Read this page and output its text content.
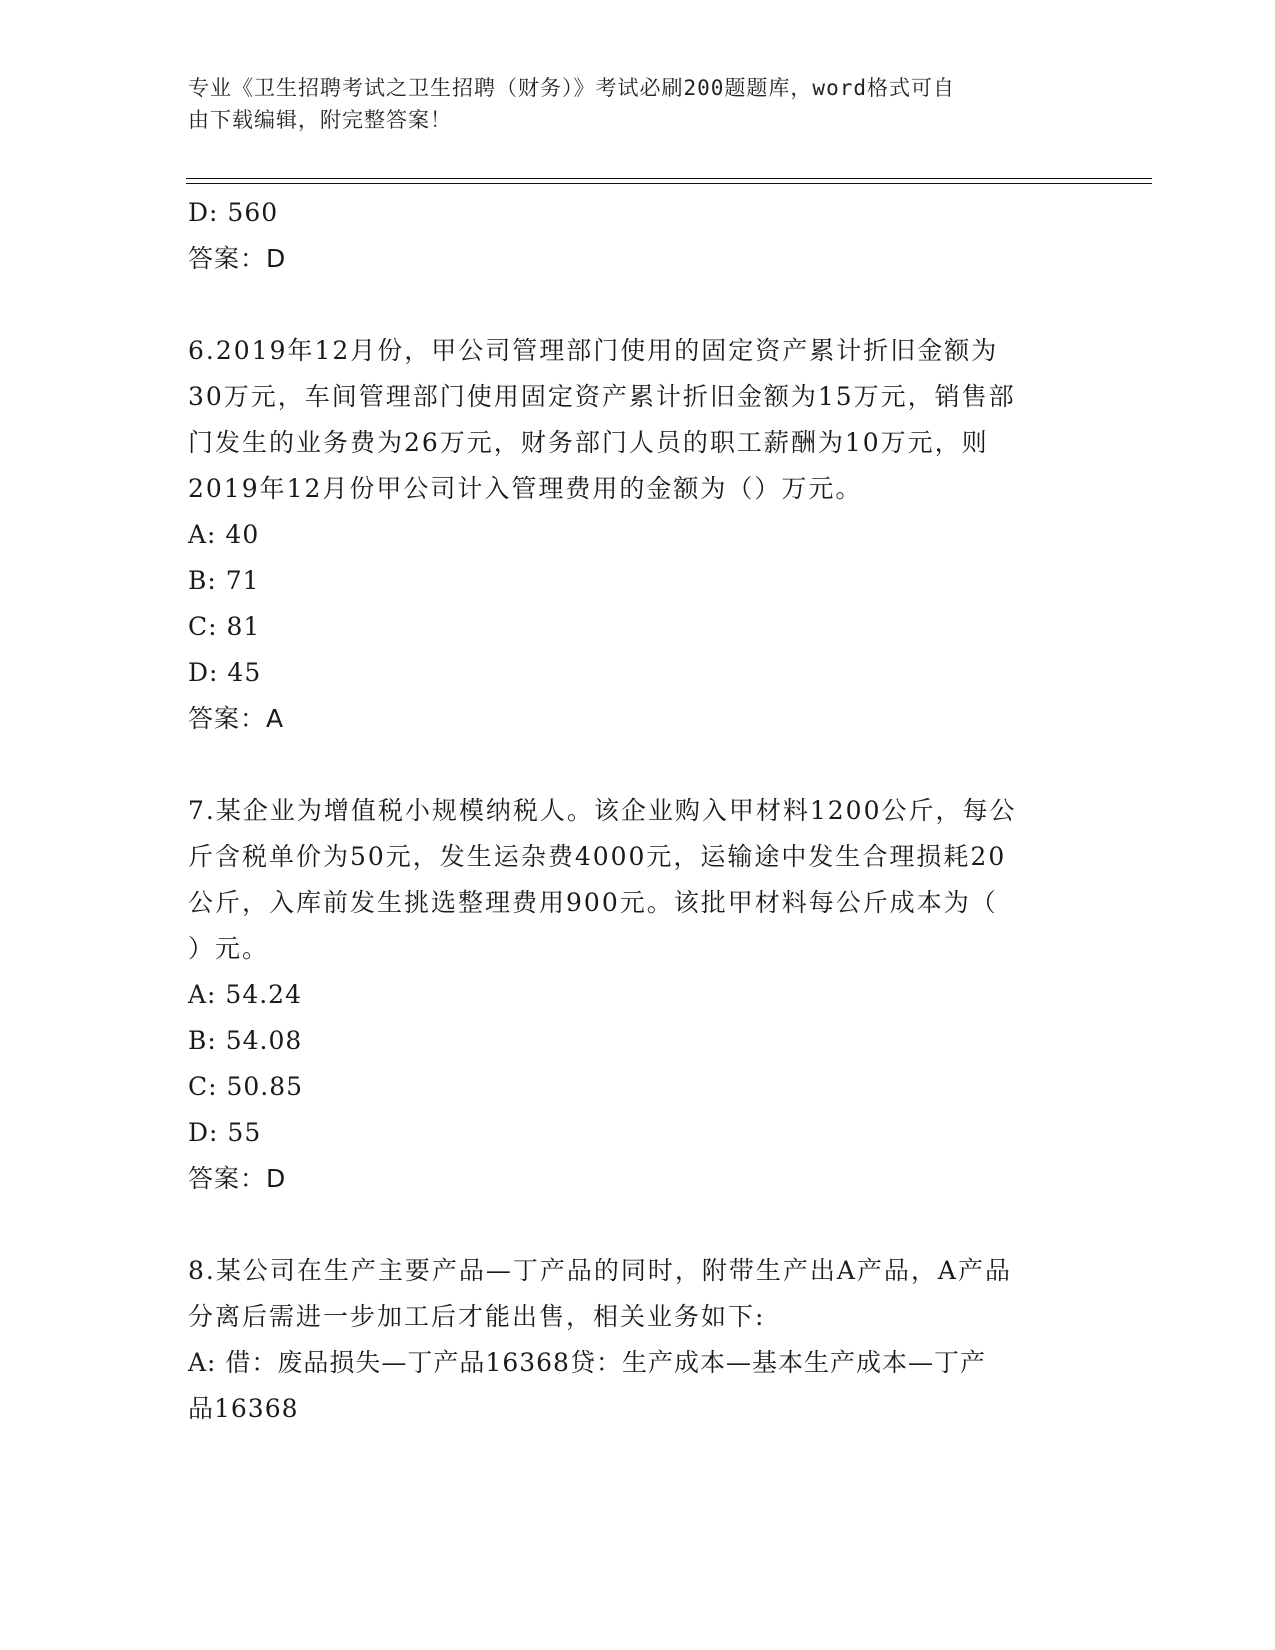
专业《卫生招聘考试之卫生招聘（财务）》考试必刷200题题库，word格式可自
由下载编辑，附完整答案！
D: 560
答案：D
6.2019年12月份，甲公司管理部门使用的固定资产累计折旧金额为
30万元，车间管理部门使用固定资产累计折旧金额为15万元，销售部
门发生的业务费为26万元，财务部门人员的职工薪酬为10万元，则
2019年12月份甲公司计入管理费用的金额为（）万元。
A: 40
B: 71
C: 81
D: 45
答案：A
7.某企业为增值税小规模纳税人。该企业购入甲材料1200公斤，每公
斤含税单价为50元，发生运杂费4000元，运输途中发生合理损耗20
公斤，入库前发生挑选整理费用900元。该批甲材料每公斤成本为（
）元。
A: 54.24
B: 54.08
C: 50.85
D: 55
答案：D
8.某公司在生产主要产品—丁产品的同时，附带生产出A产品，A产品
分离后需进一步加工后才能出售，相关业务如下:
A: 借：废品损失—丁产品16368贷：生产成本—基本生产成本—丁产
品16368
